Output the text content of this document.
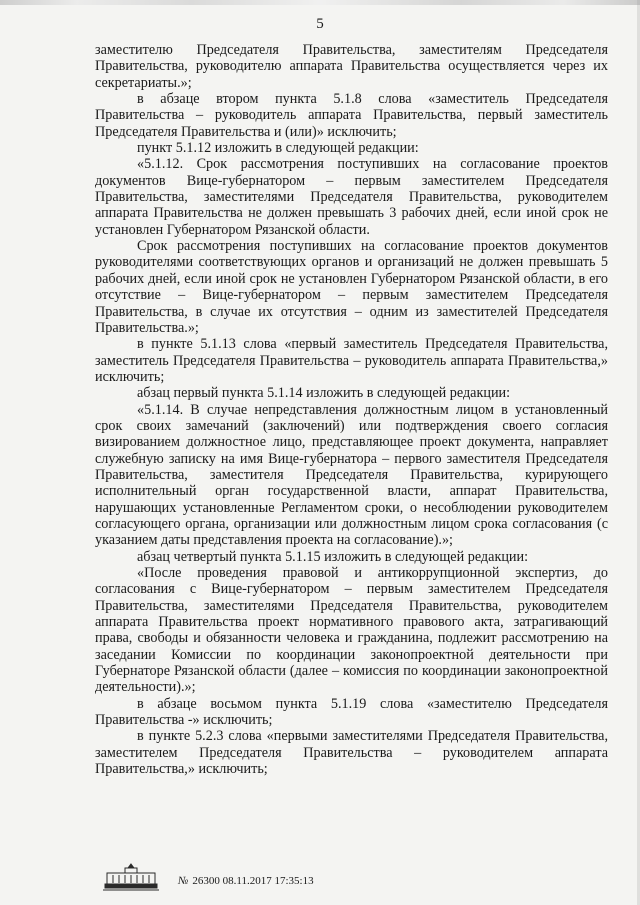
5

заместителю Председателя Правительства, заместителям Председателя Правительства, руководителю аппарата Правительства осуществляется через их секретариаты.»;

в абзаце втором пункта 5.1.8 слова «заместитель Председателя Правительства – руководитель аппарата Правительства, первый заместитель Председателя Правительства и (или)» исключить;

пункт 5.1.12 изложить в следующей редакции:

«5.1.12. Срок рассмотрения поступивших на согласование проектов документов Вице-губернатором – первым заместителем Председателя Правительства, заместителями Председателя Правительства, руководителем аппарата Правительства не должен превышать 3 рабочих дней, если иной срок не установлен Губернатором Рязанской области.

Срок рассмотрения поступивших на согласование проектов документов руководителями соответствующих органов и организаций не должен превышать 5 рабочих дней, если иной срок не установлен Губернатором Рязанской области, в его отсутствие – Вице-губернатором – первым заместителем Председателя Правительства, в случае их отсутствия – одним из заместителей Председателя Правительства.»;

в пункте 5.1.13 слова «первый заместитель Председателя Правительства, заместитель Председателя Правительства – руководитель аппарата Правительства,» исключить;

абзац первый пункта 5.1.14 изложить в следующей редакции:

«5.1.14. В случае непредставления должностным лицом в установленный срок своих замечаний (заключений) или подтверждения своего согласия визированием должностное лицо, представляющее проект документа, направляет служебную записку на имя Вице-губернатора – первого заместителя Председателя Правительства, заместителя Председателя Правительства, курирующего исполнительный орган государственной власти, аппарат Правительства, нарушающих установленные Регламентом сроки, о несоблюдении руководителем согласующего органа, организации или должностным лицом срока согласования (с указанием даты представления проекта на согласование).»;

абзац четвертый пункта 5.1.15 изложить в следующей редакции:

«После проведения правовой и антикоррупционной экспертиз, до согласования с Вице-губернатором – первым заместителем Председателя Правительства, заместителями Председателя Правительства, руководителем аппарата Правительства проект нормативного правового акта, затрагивающий права, свободы и обязанности человека и гражданина, подлежит рассмотрению на заседании Комиссии по координации законопроектной деятельности при Губернаторе Рязанской области (далее – комиссия по координации законопроектной деятельности).»;

в абзаце восьмом пункта 5.1.19 слова «заместителю Председателя Правительства -» исключить;

в пункте 5.2.3 слова «первыми заместителями Председателя Правительства, заместителем Председателя Правительства – руководителем аппарата Правительства,» исключить;

№ 26300 08.11.2017 17:35:13
